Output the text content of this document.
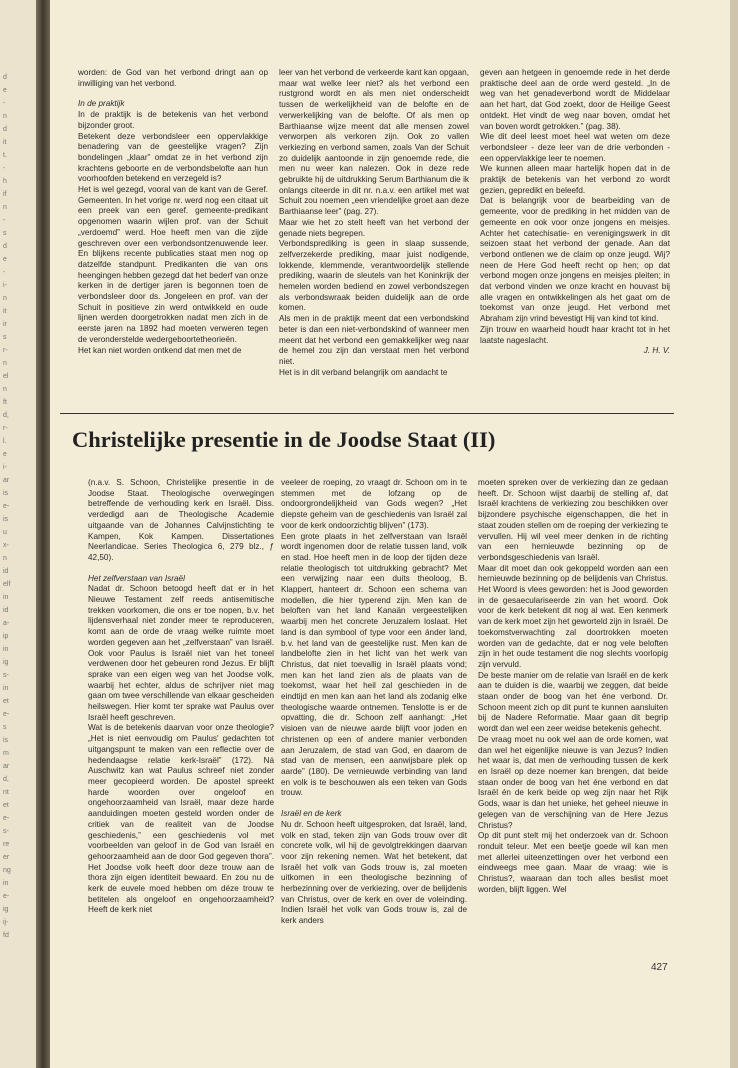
d
e
-
n
d
it
t.
-
h
if
n
-
s
d
e
-
i-
n
it
ir
s
r-
n
el
n
ft
d,
r-
l.
e
i-
ar
is
e-
is
u
x-
n
id
elf
in
id
a-
ip
in
ig
s-
in
et
e-
s
is
m
ar
d,
nt
et
e-
s-
re
er
ng
in
e-
ig
ij-
fd

worden: de God van het verbond dringt aan op inwilliging van het verbond.

In de praktijk

In de praktijk is de betekenis van het verbond bijzonder groot.

Betekent deze verbondsleer een oppervlakkige benadering van de geestelijke vragen? Zijn bondelingen „klaar” omdat ze in het verbond zijn krachtens geboorte en de verbondsbelofte aan hun voorhoofden betekend en verzegeld is?

Het is wel gezegd, vooral van de kant van de Geref. Gemeenten. In het vorige nr. werd nog een citaat uit een preek van een geref. gemeente-predikant opgenomen waarin wijlen prof. van der Schuit „verdoemd” werd. Hoe heeft men van die zijde geschreven over een verbondsontzenuwende leer. En blijkens recente publicaties staat men nog op datzelfde standpunt. Predikanten die van ons heengingen hebben gezegd dat het bederf van onze kerken in de dertiger jaren is begonnen toen de verbondsleer door ds. Jongeleen en prof. van der Schuit in positieve zin werd ontwikkeld en oude lijnen werden doorgetrokken nadat men zich in de eerste jaren na 1892 had moeten verweren tegen de veronderstelde wedergeboortetheorieën.

Het kan niet worden ontkend dat men met de

leer van het verbond de verkeerde kant kan opgaan, maar wat welke leer niet? als het verbond een rustgrond wordt en als men niet onderscheidt tussen de werkelijkheid van de belofte en de verwerkelijking van de belofte. Of als men op Barthiaanse wijze meent dat alle mensen zowel verworpen als verkoren zijn. Ook zo vallen verkiezing en verbond samen, zoals Van der Schuit zo duidelijk aantoonde in zijn genoemde rede, die men nu weer kan nalezen. Ook in deze rede gebruikte hij de uitdrukking Serum Barthianum die ik onlangs citeerde in dit nr. n.a.v. een artikel met wat Schuit zou noemen „een vriendelijke groet aan deze Barthiaanse leer” (pag. 27).

Maar wie het zo stelt heeft van het verbond der genade niets begrepen.

Verbondsprediking is geen in slaap sussende, zelfverzekerde prediking, maar juist nodigende, lokkende, klemmende, verantwoordelijk stellende prediking, waarin de sleutels van het Koninkrijk der hemelen worden bediend en zowel verbondszegen als verbondswraak beiden duidelijk aan de orde komen.

Als men in de praktijk meent dat een verbondskind beter is dan een niet-verbondskind of wanneer men meent dat het verbond een gemakkelijker weg naar de hemel zou zijn dan verstaat men het verbond niet.

Het is in dit verband belangrijk om aandacht te

geven aan hetgeen in genoemde rede in het derde praktische deel aan de orde werd gesteld. „In de weg van het genadeverbond wordt de Middelaar aan het hart, dat God zoekt, door de Heilige Geest ontdekt. Het vindt de weg naar boven, omdat het van boven wordt getrokken.” (pag. 38).

Wie dit deel leest moet heel wat weten om deze verbondsleer - deze leer van de drie verbonden - een oppervlakkige leer te noemen.

We kunnen alleen maar hartelijk hopen dat in de praktijk de betekenis van het verbond zo wordt gezien, gepredikt en beleefd.

Dat is belangrijk voor de bearbeiding van de gemeente, voor de prediking in het midden van de gemeente en ook voor onze jongens en meisjes. Achter het catechisatie- en verenigingswerk in dit seizoen staat het verbond der genade. Aan dat verbond ontlenen we de claim op onze jeugd. Wij? neen de Here God heeft recht op hen; op dat verbond mogen onze jongens en meisjes pleiten; in dat verbond vinden we onze kracht en houvast bij alle vragen en ontwikkelingen als het gaat om de toekomst van onze jeugd. Het verbond met Abraham zijn vrind bevestigt Hij van kind tot kind.

Zijn trouw en waarheid houdt haar kracht tot in het laatste nageslacht.

J. H. V.

Christelijke presentie in de Joodse Staat (II)

(n.a.v. S. Schoon, Christelijke presentie in de Joodse Staat. Theologische overwegingen betreffende de verhouding kerk en Israël. Diss. verdedigd aan de Theologische Academie uitgaande van de Johannes Calvijnstichting te Kampen, Kok Kampen. Dissertationes Neerlandicae. Series Theologica 6, 279 blz., ƒ 42,50).

Het zelfverstaan van Israël

Nadat dr. Schoon betoogd heeft dat er in het Nieuwe Testament zelf reeds antisemitische trekken voorkomen, die ons er toe nopen, b.v. het lijdensverhaal niet zonder meer te reproduceren, komt aan de orde de vraag welke ruimte moet worden gegeven aan het „zelfverstaan” van Israël. Ook voor Paulus is Israël niet van het toneel verdwenen door het gebeuren rond Jezus. Er blijft sprake van een eigen weg van het Joodse volk, waarbij het echter, aldus de schrijver niet mag gaan om twee verschillende van elkaar gescheiden heilswegen. Hier komt ter sprake wat Paulus over Israël heeft geschreven.

Wat is de betekenis daarvan voor onze theologie? „Het is niet eenvoudig om Paulus' gedachten tot uitgangspunt te maken van een reflectie over de hedendaagse relatie kerk-Israël” (172). Ná Auschwitz kan wat Paulus schreef niet zonder meer gecopieerd worden. De apostel spreekt harde woorden over ongeloof en ongehoorzaamheid van Israël, maar deze harde aanduidingen moeten gesteld worden onder de critiek van de realiteit van de Joodse geschiedenis,” een geschiedenis vol met voorbeelden van geloof in de God van Israël en gehoorzaamheid aan de door God gegeven thora”. Het Joodse volk heeft door deze trouw aan de thora zijn eigen identiteit bewaard. En zou nu de kerk de euvele moed hebben om déze trouw te betitelen als ongeloof en ongehoorzaamheid? Heeft de kerk niet

veeleer de roeping, zo vraagt dr. Schoon om in te stemmen met de lofzang op de ondoorgrondelijkheid van Gods wegen? „Het diepste geheim van de geschiedenis van Israël zal voor de kerk ondoorzichtig blijven” (173).

Een grote plaats in het zelfverstaan van Israël wordt ingenomen door de relatie tussen land, volk en stad. Hoe heeft men in de loop der tijden deze relatie theologisch tot uitdrukking gebracht? Met een verwijzing naar een duits theoloog, B. Klappert, hanteert dr. Schoon een schema van modellen, die hier typerend zijn. Men kan de beloften van het land Kanaän vergeestelijken waarbij men het concrete Jeruzalem loslaat. Het land is dan symbool of type voor een ánder land, b.v. het land van de geestelijke rust. Men kan de landbelofte zien in het licht van het werk van Christus, dat niet toevallig in Israël plaats vond; men kan het land zien als de plaats van de toekomst, waar het heil zal geschieden in de eindtijd en men kan aan het land als zodanig elke theologische waarde ontnemen. Tenslotte is er de opvatting, die dr. Schoon zelf aanhangt: „Het visioen van de nieuwe aarde blijft voor joden en christenen op een of andere manier verbonden aan Jeruzalem, de stad van God, en daarom de stad van de mensen, een aanwijsbare plek op aarde” (180). De vernieuwde verbinding van land en volk is te beschouwen als een teken van Gods trouw.

Israël en de kerk

Nu dr. Schoon heeft uitgesproken, dat Israël, land, volk en stad, teken zijn van Gods trouw over dit concrete volk, wil hij de gevolgtrekkingen daarvan voor zijn rekening nemen. Wat het betekent, dat Israël het volk van Gods trouw is, zal moeten uitkomen in een theologische bezinning of herbezinning over de verkiezing, over de belijdenis van Christus, over de kerk en over de voleinding. Indien Israël het volk van Gods trouw is, zal de kerk anders

moeten spreken over de verkiezing dan ze gedaan heeft. Dr. Schoon wijst daarbij de stelling af, dat Israël krachtens de verkiezing zou beschikken over bijzondere psychische eigenschappen, die het in staat zouden stellen om de roeping der verkiezing te vervullen. Hij wil veel meer denken in de richting van een hernieuwde bezinning op de verbondsgeschiedenis van Israël.

Maar dit moet dan ook gekoppeld worden aan een hernieuwde bezinning op de belijdenis van Christus. Het Woord is vlees geworden: het is Jood geworden in de gesaeculariseerde zin van het woord. Ook voor de kerk betekent dit nog al wat. Een kenmerk van de kerk moet zijn het geworteld zijn in Israël. De toekomstverwachting zal doortrokken moeten worden van de gedachte, dat er nog vele beloften zijn in het oude testament die nog slechts voorlopig zijn vervuld.

De beste manier om de relatie van Israël en de kerk aan te duiden is die, waarbij we zeggen, dat beide staan onder de boog van het éne verbond. Dr. Schoon meent zich op dit punt te kunnen aansluiten bij de Nadere Reformatie. Maar gaan dit begrip wordt dan wel een zeer weidse betekenis gehecht.

De vraag moet nu ook wel aan de orde komen, wat dan wel het eigenlijke nieuwe is van Jezus? Indien het waar is, dat men de verhouding tussen de kerk en Israël op deze noemer kan brengen, dat beide staan onder de boog van het éne verbond en dat Israël én de kerk beide op weg zijn naar het Rijk Gods, waar is dan het unieke, het geheel nieuwe in gelegen van de verschijning van de Here Jezus Christus?

Op dit punt stelt mij het onderzoek van dr. Schoon ronduit teleur. Met een beetje goede wil kan men met allerlei uiteenzettingen over het verbond een eindweegs mee gaan. Maar de vraag: wie is Christus?, waaraan dan toch alles beslist moet worden, blijft liggen. Wel

427
